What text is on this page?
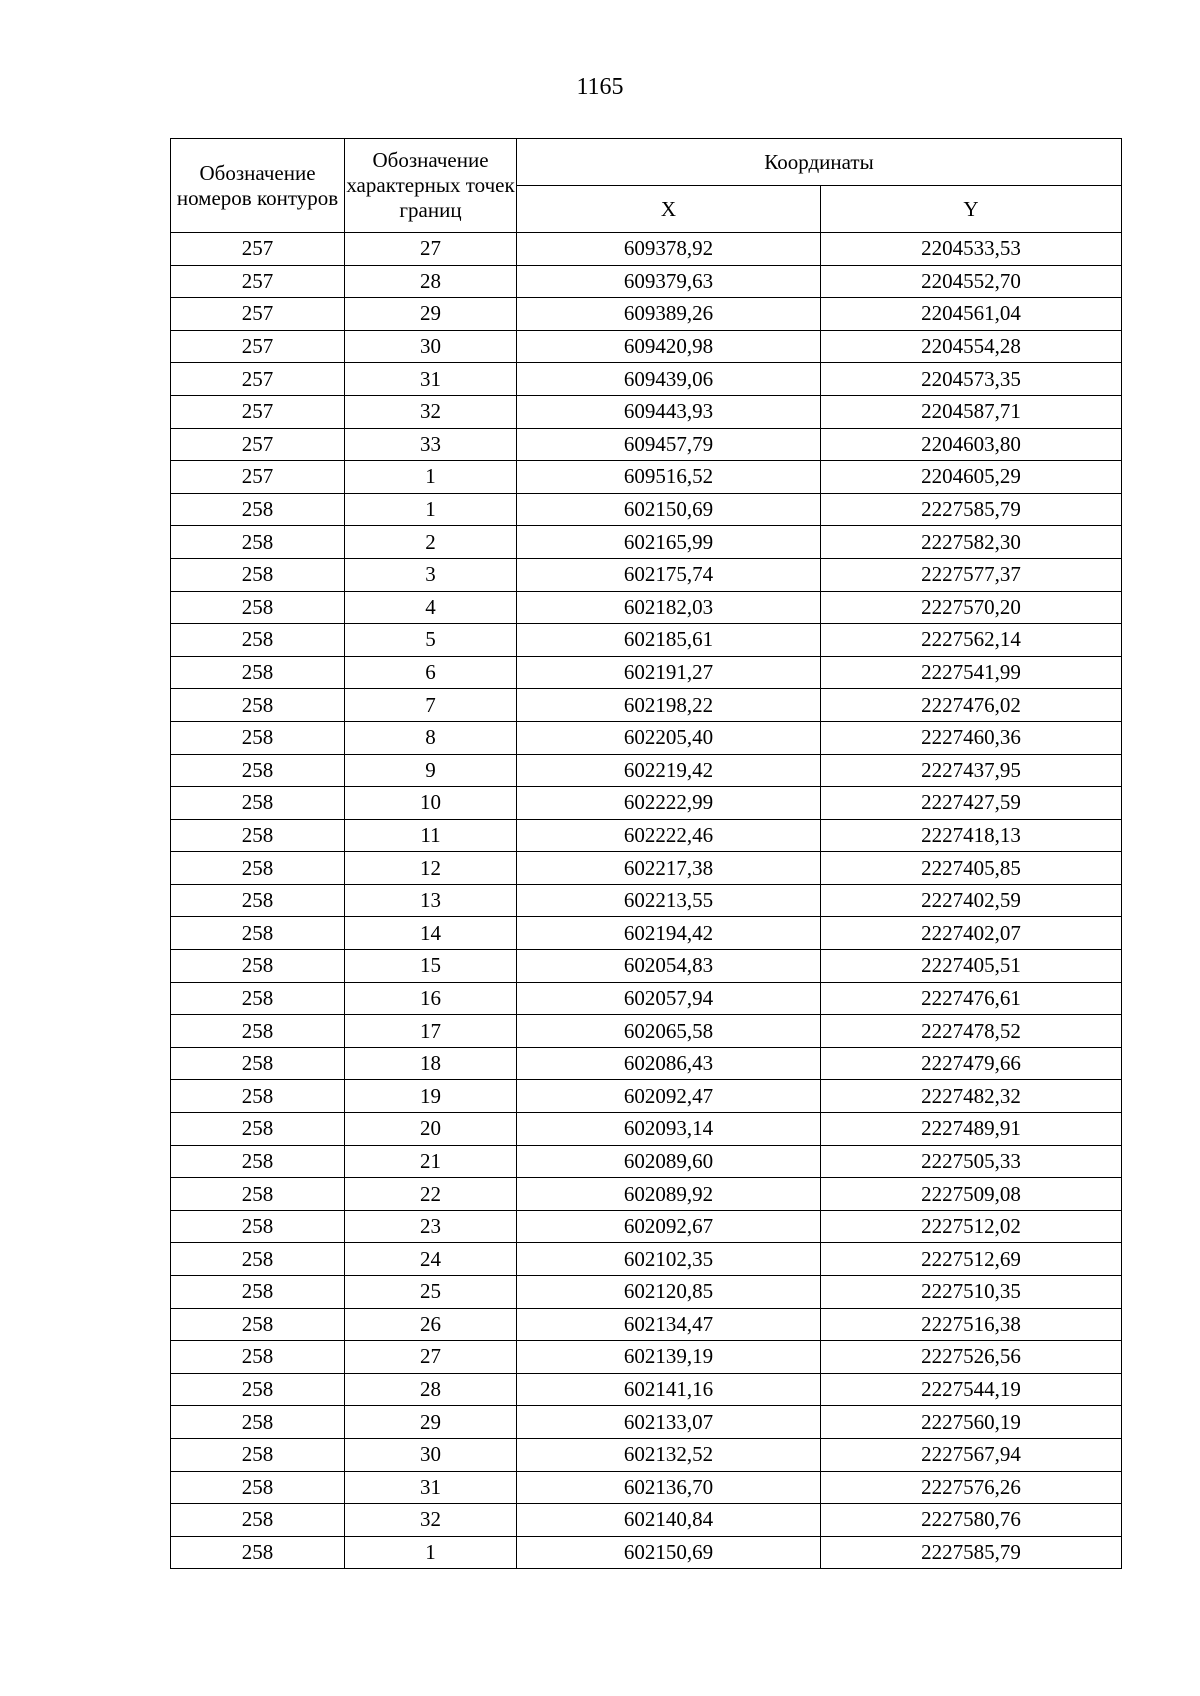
1165
Обозначение номеров контуров	Обозначение характерных точек границ	Координаты	
		X	Y
257	27	609378,92	2204533,53
257	28	609379,63	2204552,70
257	29	609389,26	2204561,04
257	30	609420,98	2204554,28
257	31	609439,06	2204573,35
257	32	609443,93	2204587,71
257	33	609457,79	2204603,80
257	1	609516,52	2204605,29
258	1	602150,69	2227585,79
258	2	602165,99	2227582,30
258	3	602175,74	2227577,37
258	4	602182,03	2227570,20
258	5	602185,61	2227562,14
258	6	602191,27	2227541,99
258	7	602198,22	2227476,02
258	8	602205,40	2227460,36
258	9	602219,42	2227437,95
258	10	602222,99	2227427,59
258	11	602222,46	2227418,13
258	12	602217,38	2227405,85
258	13	602213,55	2227402,59
258	14	602194,42	2227402,07
258	15	602054,83	2227405,51
258	16	602057,94	2227476,61
258	17	602065,58	2227478,52
258	18	602086,43	2227479,66
258	19	602092,47	2227482,32
258	20	602093,14	2227489,91
258	21	602089,60	2227505,33
258	22	602089,92	2227509,08
258	23	602092,67	2227512,02
258	24	602102,35	2227512,69
258	25	602120,85	2227510,35
258	26	602134,47	2227516,38
258	27	602139,19	2227526,56
258	28	602141,16	2227544,19
258	29	602133,07	2227560,19
258	30	602132,52	2227567,94
258	31	602136,70	2227576,26
258	32	602140,84	2227580,76
258	1	602150,69	2227585,79
